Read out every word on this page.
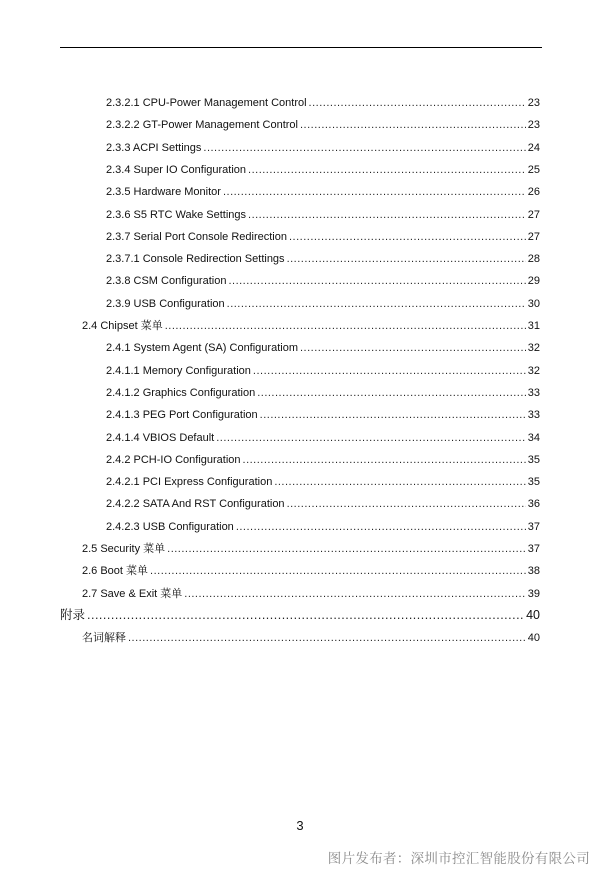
2.3.2.1 CPU-Power Management Control .....	23
2.3.2.2 GT-Power Management Control .....	23
2.3.3 ACPI Settings .....	24
2.3.4 Super IO Configuration .....	25
2.3.5 Hardware Monitor .....	26
2.3.6 S5 RTC Wake Settings .....	27
2.3.7 Serial Port Console Redirection .....	27
2.3.7.1 Console Redirection Settings .....	28
2.3.8 CSM Configuration .....	29
2.3.9 USB Configuration .....	30
2.4 Chipset 菜单 .....	31
2.4.1 System Agent (SA) Configuratiom .....	32
2.4.1.1 Memory Configuration .....	32
2.4.1.2 Graphics Configuration .....	33
2.4.1.3 PEG Port Configuration .....	33
2.4.1.4 VBIOS Default .....	34
2.4.2 PCH-IO Configuration .....	35
2.4.2.1 PCI Express Configuration .....	35
2.4.2.2 SATA And RST Configuration .....	36
2.4.2.3 USB Configuration .....	37
2.5 Security 菜单 .....	37
2.6 Boot 菜单 .....	38
2.7 Save & Exit 菜单 .....	39
附录 .....	40
名词解释 .....	40
3
图片发布者：深圳市控汇智能股份有限公司
